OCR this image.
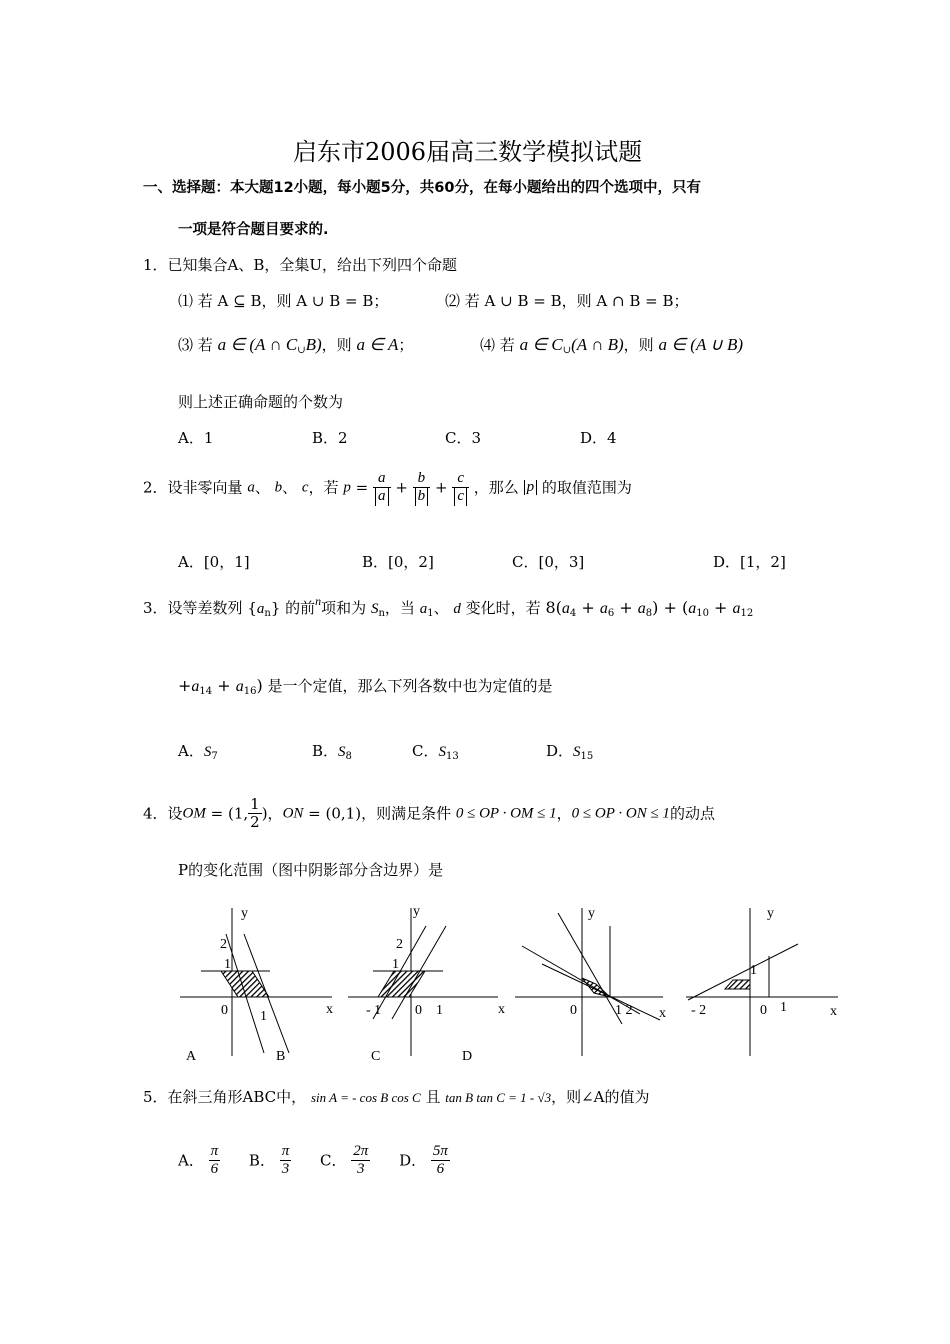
启东市2006届高三数学模拟试题
一、选择题：本大题12小题，每小题5分，共60分，在每小题给出的四个选项中，只有
一项是符合题目要求的.
1．已知集合A、B，全集U，给出下列四个命题
⑴ 若 A ⊆ B，则 A ∪ B = B；	⑵ 若 A ∪ B = B，则 A ∩ B = B；
⑶ 若 a ∈ (A ∩ $C_\cup B$)，则 a ∈ A；	⑷ 若 a ∈ $C_\cup(A$ ∩ B)，则 a ∈ (A ∪ B)
则上述正确命题的个数为
A．1	B．2	C．3	D．4
2．设非零向量 a、 b、 c，若 $p = \frac{a}{a} + \frac{b}{b} + \frac{c}{c}$ ，那么 p 的取值范围为
A．[0，1]	B．[0，2]	C．[0，3]	D．[1，2]
3．设等差数列 $\{a_n\}$ 的前$^n$项和为 $S_n$，当 $a_1$、 d 变化时，若 $8(a_4 + a_6 + a_8) + (a_{10} + a_{12}$
$+a_{14} + a_{16}$) 是一个定值，那么下列各数中也为定值的是
A．$S_7$	B．$S_8$	C．$S_{13}$	D．$S_{15}$
4．设OM = (1, $\frac{1}{2}$ )，ON = (0,1)，则满足条件 0 ≤ OP · OM ≤ 1，0 ≤ OP · ON ≤ 1的动点
P的变化范围（图中阴影部分含边界）是
y
x
0
1
2
1
y
x
0
1
2
- 1	1
y
x
0	1 2
y
x
0
1
- 2	1
A	B	C	D
5．在斜三角形ABC中， sin A = - cos B cos C 且 tan B tan C = 1 - √3，则∠A的值为
A． $\frac{\pi}{6}$ B． $\frac{\pi}{3}$ C． $\frac{2\pi}{3}$ D． $\frac{5\pi}{6}$
